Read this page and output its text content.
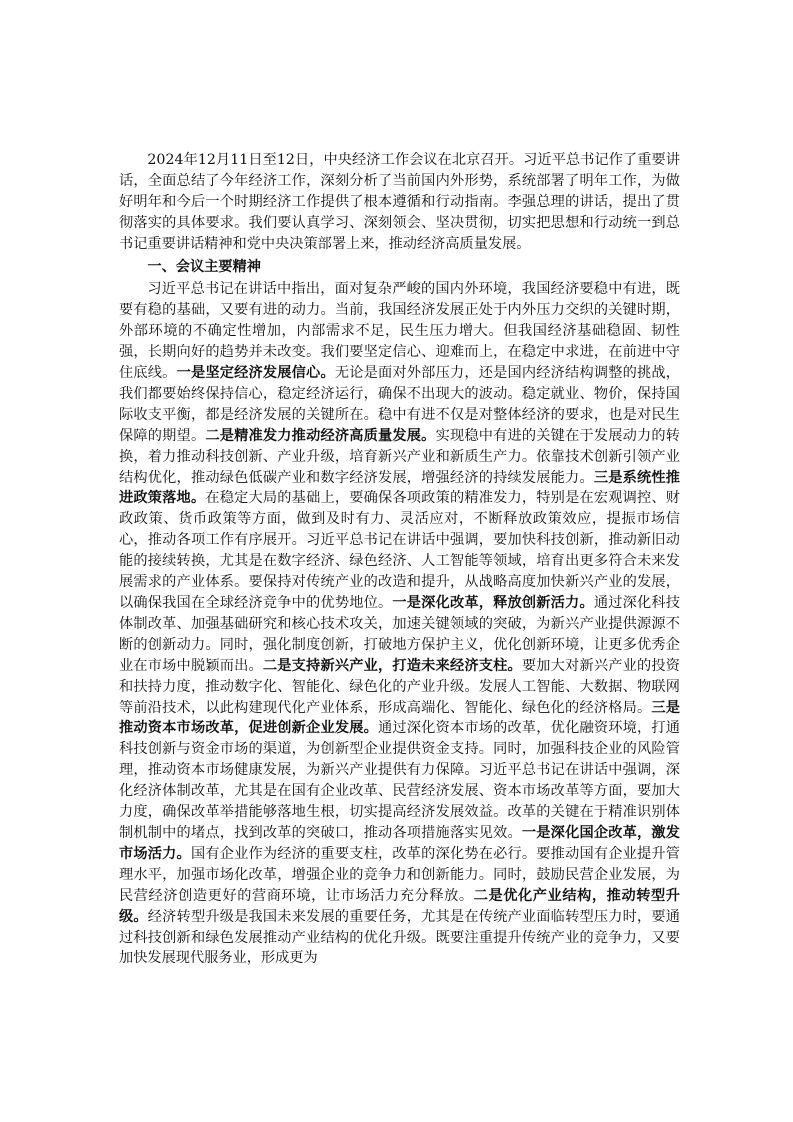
2024年12月11日至12日，中央经济工作会议在北京召开。习近平总书记作了重要讲话，全面总结了今年经济工作，深刻分析了当前国内外形势，系统部署了明年工作，为做好明年和今后一个时期经济工作提供了根本遵循和行动指南。李强总理的讲话，提出了贯彻落实的具体要求。我们要认真学习、深刻领会、坚决贯彻，切实把思想和行动统一到总书记重要讲话精神和党中央决策部署上来，推动经济高质量发展。

一、会议主要精神

习近平总书记在讲话中指出，面对复杂严峻的国内外环境，我国经济要稳中有进，既要有稳的基础，又要有进的动力。当前，我国经济发展正处于内外压力交织的关键时期，外部环境的不确定性增加，内部需求不足，民生压力增大。但我国经济基础稳固、韧性强，长期向好的趋势并未改变。我们要坚定信心、迎难而上，在稳定中求进，在前进中守住底线。一是坚定经济发展信心。无论是面对外部压力，还是国内经济结构调整的挑战，我们都要始终保持信心，稳定经济运行，确保不出现大的波动。稳定就业、物价，保持国际收支平衡，都是经济发展的关键所在。稳中有进不仅是对整体经济的要求，也是对民生保障的期望。二是精准发力推动经济高质量发展。实现稳中有进的关键在于发展动力的转换，着力推动科技创新、产业升级，培育新兴产业和新质生产力。依靠技术创新引领产业结构优化，推动绿色低碳产业和数字经济发展，增强经济的持续发展能力。三是系统性推进政策落地。在稳定大局的基础上，要确保各项政策的精准发力，特别是在宏观调控、财政政策、货币政策等方面，做到及时有力、灵活应对，不断释放政策效应，提振市场信心，推动各项工作有序展开。习近平总书记在讲话中强调，要加快科技创新，推动新旧动能的接续转换，尤其是在数字经济、绿色经济、人工智能等领域，培育出更多符合未来发展需求的产业体系。要保持对传统产业的改造和提升，从战略高度加快新兴产业的发展，以确保我国在全球经济竞争中的优势地位。一是深化改革，释放创新活力。通过深化科技体制改革、加强基础研究和核心技术攻关，加速关键领域的突破，为新兴产业提供源源不断的创新动力。同时，强化制度创新，打破地方保护主义，优化创新环境，让更多优秀企业在市场中脱颖而出。二是支持新兴产业，打造未来经济支柱。要加大对新兴产业的投资和扶持力度，推动数字化、智能化、绿色化的产业升级。发展人工智能、大数据、物联网等前沿技术，以此构建现代化产业体系，形成高端化、智能化、绿色化的经济格局。三是推动资本市场改革，促进创新企业发展。通过深化资本市场的改革，优化融资环境，打通科技创新与资金市场的渠道，为创新型企业提供资金支持。同时，加强科技企业的风险管理，推动资本市场健康发展，为新兴产业提供有力保障。习近平总书记在讲话中强调，深化经济体制改革，尤其是在国有企业改革、民营经济发展、资本市场改革等方面，要加大力度，确保改革举措能够落地生根，切实提高经济发展效益。改革的关键在于精准识别体制机制中的堵点，找到改革的突破口，推动各项措施落实见效。一是深化国企改革，激发市场活力。国有企业作为经济的重要支柱，改革的深化势在必行。要推动国有企业提升管理水平，加强市场化改革，增强企业的竞争力和创新能力。同时，鼓励民营企业发展，为民营经济创造更好的营商环境，让市场活力充分释放。二是优化产业结构，推动转型升级。经济转型升级是我国未来发展的重要任务，尤其是在传统产业面临转型压力时，要通过科技创新和绿色发展推动产业结构的优化升级。既要注重提升传统产业的竞争力，又要加快发展现代服务业，形成更为
